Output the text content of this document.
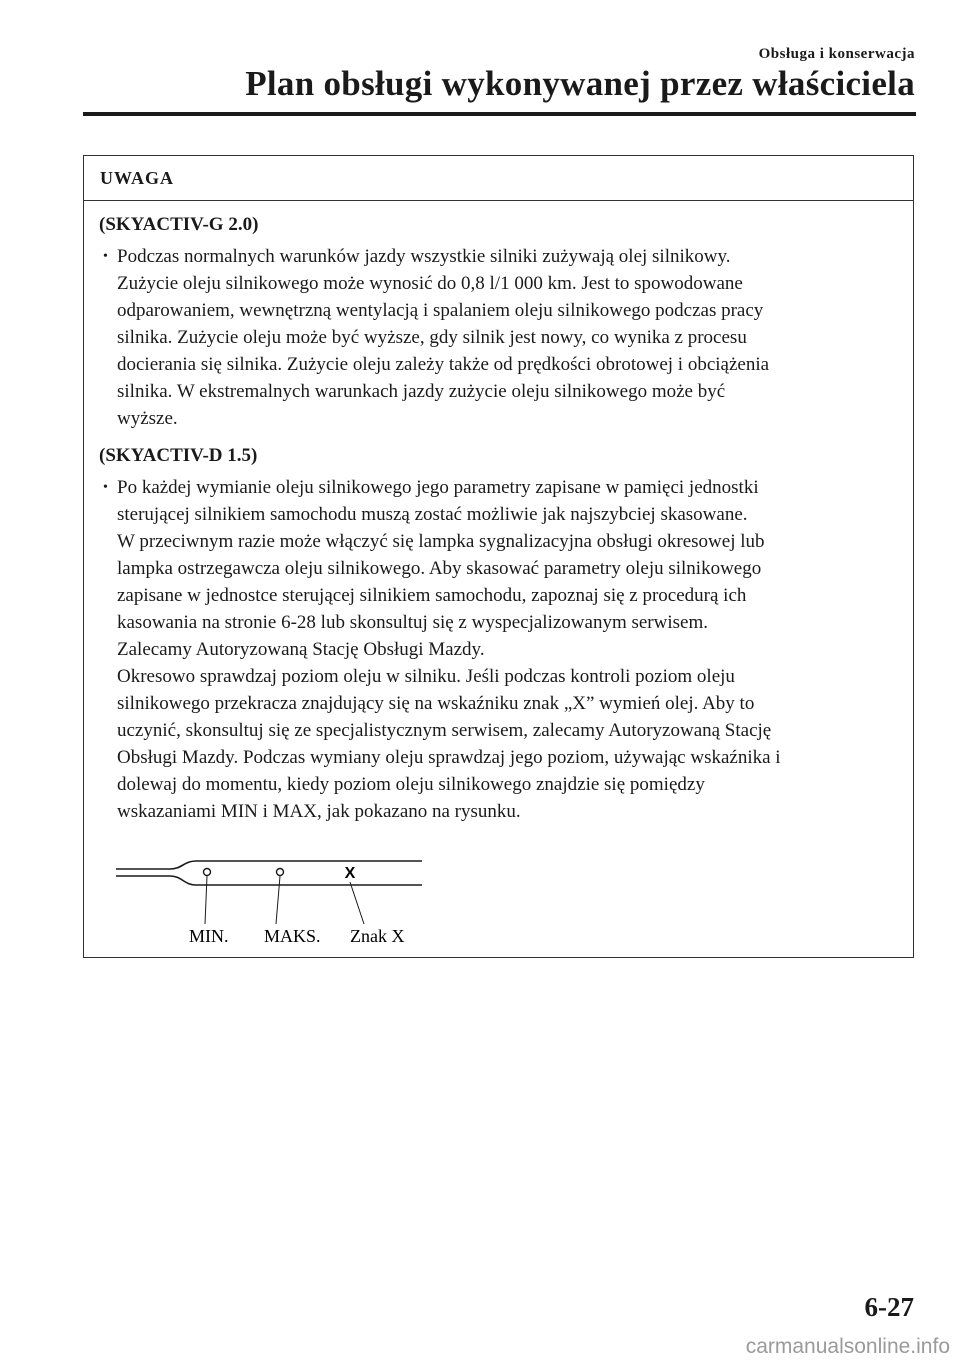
Obsługa i konserwacja
Plan obsługi wykonywanej przez właściciela
UWAGA

(SKYACTIV-G 2.0)

• Podczas normalnych warunków jazdy wszystkie silniki zużywają olej silnikowy.
Zużycie oleju silnikowego może wynosić do 0,8 l/1 000 km. Jest to spowodowane
odparowaniem, wewnętrzną wentylacją i spalaniem oleju silnikowego podczas pracy
silnika. Zużycie oleju może być wyższe, gdy silnik jest nowy, co wynika z procesu
docierania się silnika. Zużycie oleju zależy także od prędkości obrotowej i obciążenia
silnika. W ekstremalnych warunkach jazdy zużycie oleju silnikowego może być
wyższe.

(SKYACTIV-D 1.5)

• Po każdej wymianie oleju silnikowego jego parametry zapisane w pamięci jednostki
sterującej silnikiem samochodu muszą zostać możliwie jak najszybciej skasowane.
W przeciwnym razie może włączyć się lampka sygnalizacyjna obsługi okresowej lub
lampka ostrzegawcza oleju silnikowego. Aby skasować parametry oleju silnikowego
zapisane w jednostce sterującej silnikiem samochodu, zapoznaj się z procedurą ich
kasowania na stronie 6-28 lub skonsultuj się z wyspecjalizowanym serwisem.
Zalecamy Autoryzowaną Stację Obsługi Mazdy.
Okresowo sprawdzaj poziom oleju w silniku. Jeśli podczas kontroli poziom oleju
silnikowego przekracza znajdujący się na wskaźniku znak „X” wymień olej. Aby to
uczynić, skonsultuj się ze specjalistycznym serwisem, zalecamy Autoryzowaną Stację
Obsługi Mazdy. Podczas wymiany oleju sprawdzaj jego poziom, używając wskaźnika i
dolewaj do momentu, kiedy poziom oleju silnikowego znajdzie się pomiędzy
wskazaniami MIN i MAX, jak pokazano na rysunku.
X
MIN. MAKS. Znak X
6-27
carmanualsonline.info
